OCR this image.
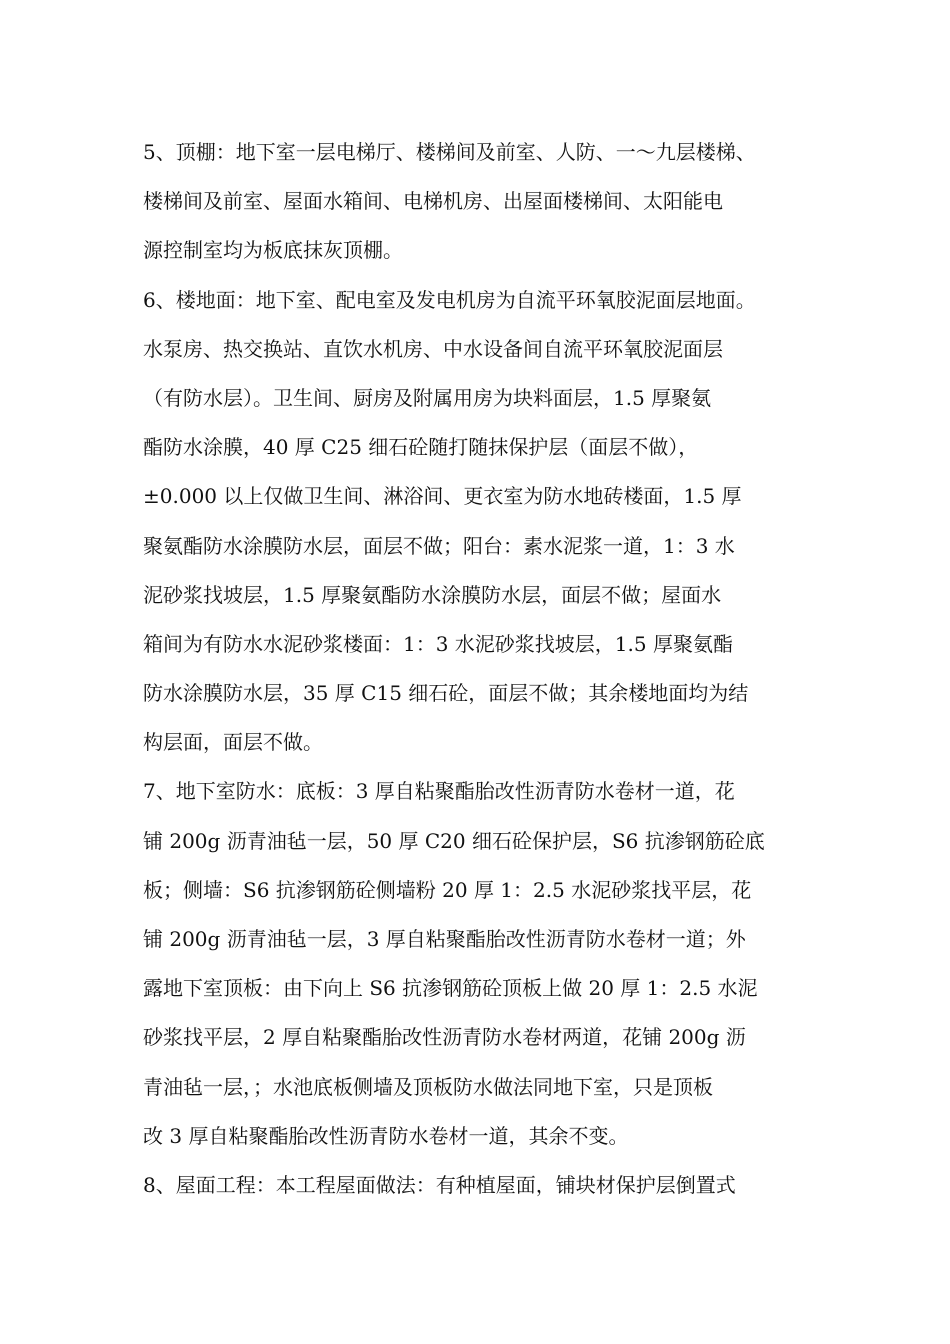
5、顶棚：地下室一层电梯厅、楼梯间及前室、人防、一～九层楼梯、
楼梯间及前室、屋面水箱间、电梯机房、出屋面楼梯间、太阳能电
源控制室均为板底抹灰顶棚。
6、楼地面：地下室、配电室及发电机房为自流平环氧胶泥面层地面。
水泵房、热交换站、直饮水机房、中水设备间自流平环氧胶泥面层
（有防水层）。卫生间、厨房及附属用房为块料面层，1.5 厚聚氨
酯防水涂膜，40 厚 C25 细石砼随打随抹保护层（面层不做），
±0.000 以上仅做卫生间、淋浴间、更衣室为防水地砖楼面，1.5 厚
聚氨酯防水涂膜防水层，面层不做；阳台：素水泥浆一道，1：3 水
泥砂浆找坡层，1.5 厚聚氨酯防水涂膜防水层，面层不做；屋面水
箱间为有防水水泥砂浆楼面：1：3 水泥砂浆找坡层，1.5 厚聚氨酯
防水涂膜防水层，35 厚 C15 细石砼，面层不做；其余楼地面均为结
构层面，面层不做。
7、地下室防水：底板：3 厚自粘聚酯胎改性沥青防水卷材一道，花
铺 200g 沥青油毡一层，50 厚 C20 细石砼保护层，S6 抗渗钢筋砼底
板；侧墙：S6 抗渗钢筋砼侧墙粉 20 厚 1：2.5 水泥砂浆找平层，花
铺 200g 沥青油毡一层，3 厚自粘聚酯胎改性沥青防水卷材一道；外
露地下室顶板：由下向上 S6 抗渗钢筋砼顶板上做 20 厚 1：2.5 水泥
砂浆找平层，2 厚自粘聚酯胎改性沥青防水卷材两道，花铺 200g 沥
青油毡一层，；水池底板侧墙及顶板防水做法同地下室，只是顶板
改 3 厚自粘聚酯胎改性沥青防水卷材一道，其余不变。
8、屋面工程：本工程屋面做法：有种植屋面，铺块材保护层倒置式
